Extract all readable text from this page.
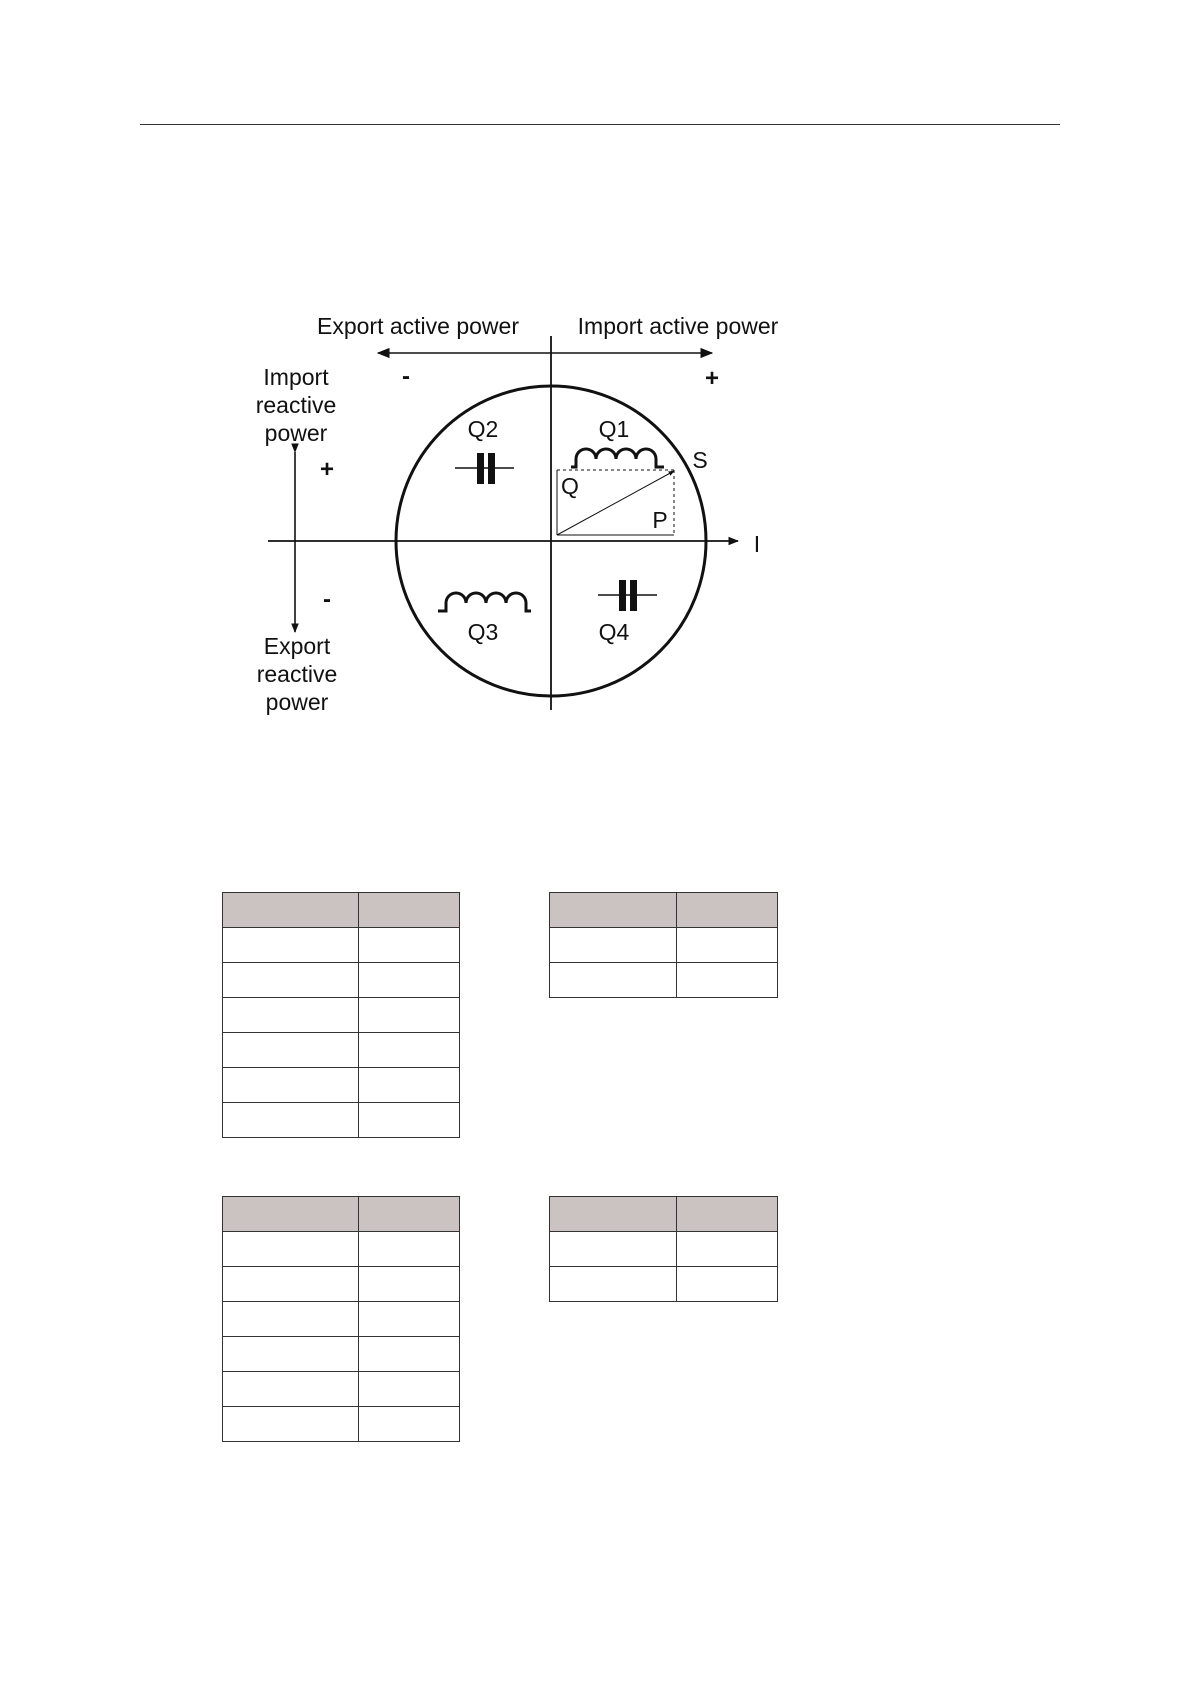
Export active power	Import active power
-	+
Import
reactive
power
+
-
Export
reactive
power
I
Q2	Q1
Q3	Q4
S
Q
P
